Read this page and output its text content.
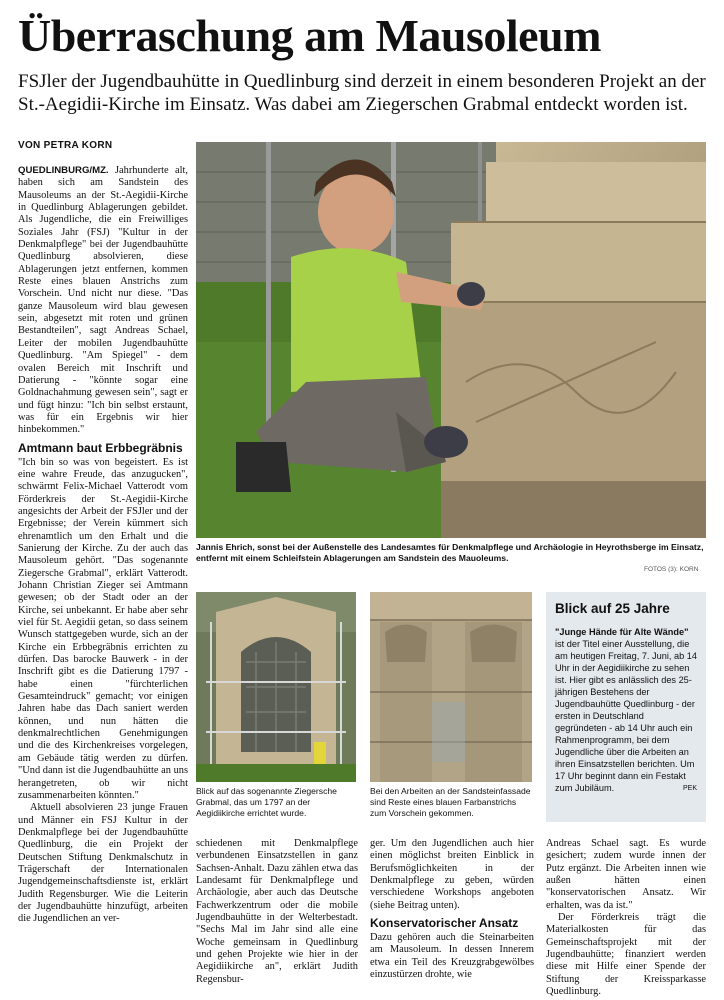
Überraschung am Mausoleum
FSJler der Jugendbauhütte in Quedlinburg sind derzeit in einem besonderen Projekt an der St.-Aegidii-Kirche im Einsatz. Was dabei am Ziegerschen Grabmal entdeckt worden ist.
VON PETRA KORN

QUEDLINBURG/MZ. Jahrhunderte alt, haben sich am Sandstein des Mausoleums an der St.-Aegidii-Kirche in Quedlinburg Ablagerungen gebildet. Als Jugendliche, die ein Freiwilliges Soziales Jahr (FSJ) "Kultur in der Denkmalpflege" bei der Jugendbauhütte Quedlinburg absolvieren, diese Ablagerungen jetzt entfernen, kommen Reste eines blauen Anstrichs zum Vorschein. Und nicht nur diese. "Das ganze Mausoleum wird blau gewesen sein, abgesetzt mit roten und grünen Bestandteilen", sagt Andreas Schael, Leiter der mobilen Jugendbauhütte Quedlinburg. "Am Spiegel" - dem ovalen Bereich mit Inschrift und Datierung - "könnte sogar eine Goldnachahmung gewesen sein", sagt er und fügt hinzu: "Ich bin selbst erstaunt, was für ein Ergebnis wir hier hinbekommen."

Amtmann baut Erbbegräbnis

"Ich bin so was von begeistert. Es ist eine wahre Freude, das anzugucken", schwärmt Felix-Michael Vatterodt vom Förderkreis der St.-Aegidii-Kirche angesichts der Arbeit der FSJler und der Ergebnisse; der Verein kümmert sich ehrenamtlich um den Erhalt und die Sanierung der Kirche. Zu der auch das Mausoleum gehört. "Das sogenannte Ziegersche Grabmal", erklärt Vatterodt. Johann Christian Zieger sei Amtmann gewesen; ob der Stadt oder an der Kirche, sei unbekannt. Er habe aber sehr viel für St. Aegidii getan, so dass seinem Wunsch stattgegeben wurde, sich an der Kirche ein Erbbegräbnis errichten zu dürfen. Das barocke Bauwerk - in der Inschrift gibt es die Datierung 1797 - habe einen "fürchterlichen Gesamteindruck" gemacht; vor einigen Jahren habe das Dach saniert werden können, und nun hätten die denkmalrechtlichen Genehmigungen und die des Kirchenkreises vorgelegen, am Gebäude tätig werden zu dürfen. "Und dann ist die Jugendbauhütte an uns herangetreten, ob wir nicht zusammenarbeiten könnten."

Aktuell absolvieren 23 junge Frauen und Männer ein FSJ Kultur in der Denkmalpflege bei der Jugendbauhütte Quedlinburg, die ein Projekt der Deutschen Stiftung Denkmalschutz in Trägerschaft der Internationalen Jugendgemeinschaftsdienste ist, erklärt Judith Regensburger. Wie die Leiterin der Jugendbauhütte hinzufügt, arbeiten die Jugendlichen an ver-

Jannis Ehrich, sonst bei der Außenstelle des Landesamtes für Denkmalpflege und Archäologie in Heyrothsberge im Einsatz, entfernt mit einem Schleifstein Ablagerungen am Sandstein des Mauoleums.
FOTOS (3): KORN
Blick auf das sogenannte Ziegersche Grabmal, das um 1797 an der Aegidiikirche errichtet wurde.
Bei den Arbeiten an der Sandsteinfassade sind Reste eines blauen Farbanstrichs zum Vorschein gekommen.
Blick auf 25 Jahre
"Junge Hände für Alte Wände" ist der Titel einer Ausstellung, die am heutigen Freitag, 7. Juni, ab 14 Uhr in der Aegidiikirche zu sehen ist. Hier gibt es anlässlich des 25-jährigen Bestehens der Jugendbauhütte Quedlinburg - der ersten in Deutschland gegründeten - ab 14 Uhr auch ein Rahmenprogramm, bei dem Jugendliche über die Arbeiten an ihren Einsatzstellen berichten. Um 17 Uhr beginnt dann ein Festakt zum Jubiläum.	PEK

schiedenen mit Denkmalpflege verbundenen Einsatzstellen in ganz Sachsen-Anhalt. Dazu zählen etwa das Landesamt für Denkmalpflege und Archäologie, aber auch das Deutsche Fachwerkzentrum oder die mobile Jugendbauhütte in der Welterbestadt. "Sechs Mal im Jahr sind alle eine Woche gemeinsam in Quedlinburg und gehen Projekte wie hier in der Aegidiikirche an", erklärt Judith Regensbur-

ger. Um den Jugendlichen auch hier einen möglichst breiten Einblick in Berufsmöglichkeiten in der Denkmalpflege zu geben, würden verschiedene Workshops angeboten (siehe Beitrag unten).

Konservatorischer Ansatz

Dazu gehören auch die Steinarbeiten am Mausoleum. In dessen Innerem etwa ein Teil des Kreuzgrabgewölbes einzustürzen drohte, wie

Andreas Schael sagt. Es wurde gesichert; zudem wurde innen der Putz ergänzt. Die Arbeiten innen wie außen hätten einen "konservatorischen Ansatz. Wir erhalten, was da ist."

Der Förderkreis trägt die Materialkosten für das Gemeinschaftsprojekt mit der Jugendbauhütte; finanziert werden diese mit Hilfe einer Spende der Stiftung der Kreissparkasse Quedlinburg.
